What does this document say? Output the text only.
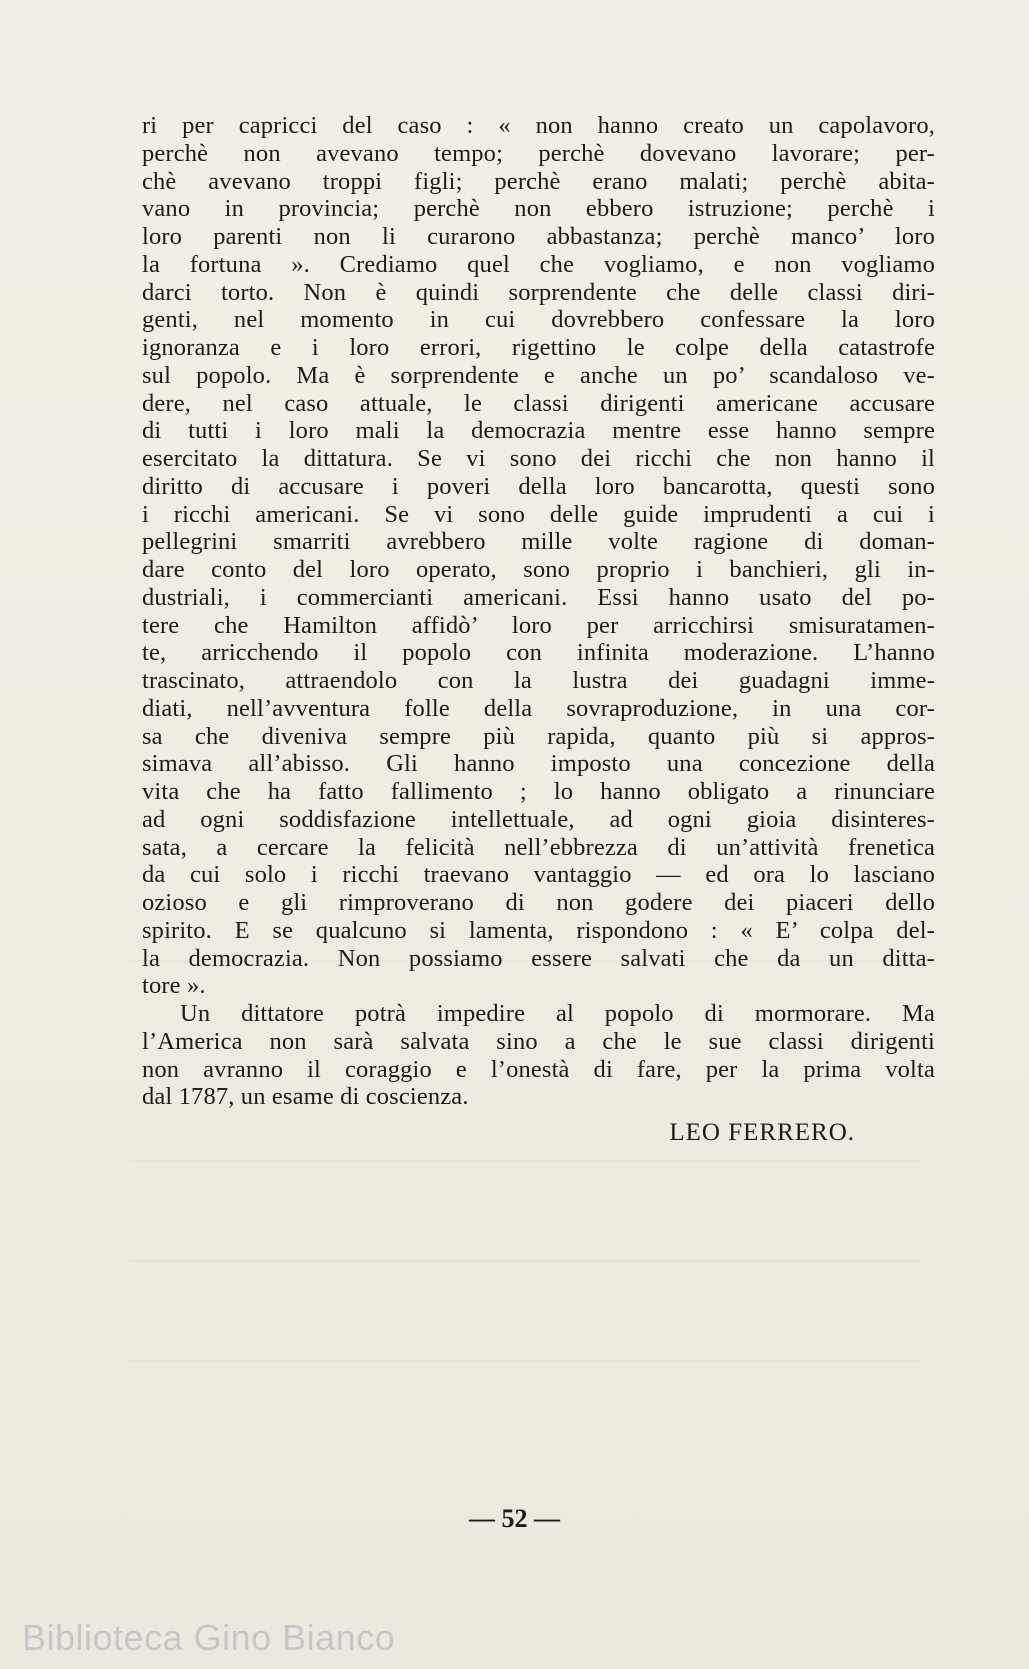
ri per capricci del caso : « non hanno creato un capolavoro,
perchè non avevano tempo; perchè dovevano lavorare; per-
chè avevano troppi figli; perchè erano malati; perchè abita-
vano in provincia; perchè non ebbero istruzione; perchè i
loro parenti non li curarono abbastanza; perchè manco’ loro
la fortuna ». Crediamo quel che vogliamo, e non vogliamo
darci torto. Non è quindi sorprendente che delle classi diri-
genti, nel momento in cui dovrebbero confessare la loro
ignoranza e i loro errori, rigettino le colpe della catastrofe
sul popolo. Ma è sorprendente e anche un po’ scandaloso ve-
dere, nel caso attuale, le classi dirigenti americane accusare
di tutti i loro mali la democrazia mentre esse hanno sempre
esercitato la dittatura. Se vi sono dei ricchi che non hanno il
diritto di accusare i poveri della loro bancarotta, questi sono
i ricchi americani. Se vi sono delle guide imprudenti a cui i
pellegrini smarriti avrebbero mille volte ragione di doman-
dare conto del loro operato, sono proprio i banchieri, gli in-
dustriali, i commercianti americani. Essi hanno usato del po-
tere che Hamilton affidò’ loro per arricchirsi smisuratamen-
te, arricchendo il popolo con infinita moderazione. L’hanno
trascinato, attraendolo con la lustra dei guadagni imme-
diati, nell’avventura folle della sovraproduzione, in una cor-
sa che diveniva sempre più rapida, quanto più si appros-
simava all’abisso. Gli hanno imposto una concezione della
vita che ha fatto fallimento ; lo hanno obligato a rinunciare
ad ogni soddisfazione intellettuale, ad ogni gioia disinteres-
sata, a cercare la felicità nell’ebbrezza di un’attività frenetica
da cui solo i ricchi traevano vantaggio — ed ora lo lasciano
ozioso e gli rimproverano di non godere dei piaceri dello
spirito. E se qualcuno si lamenta, rispondono : « E’ colpa del-
la democrazia. Non possiamo essere salvati che da un ditta-
tore ».
Un dittatore potrà impedire al popolo di mormorare. Ma
l’America non sarà salvata sino a che le sue classi dirigenti
non avranno il coraggio e l’onestà di fare, per la prima volta
dal 1787, un esame di coscienza.
LEO FERRERO.
— 52 —
Biblioteca Gino Bianco
